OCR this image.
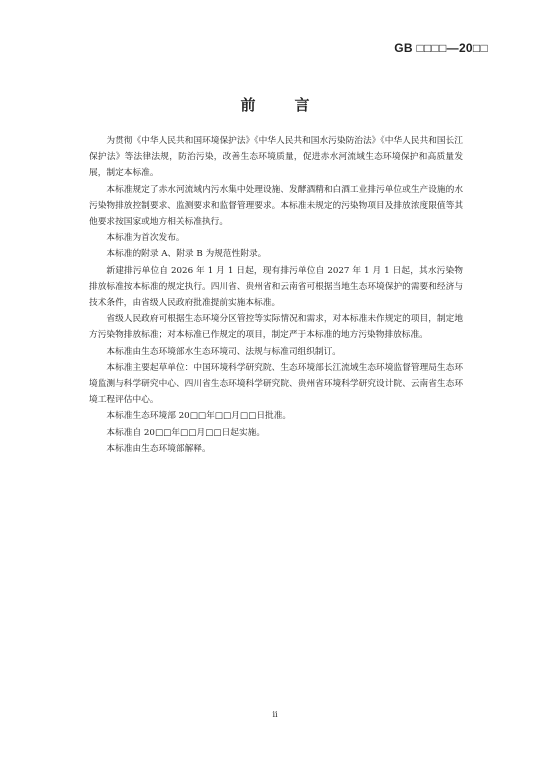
GB □□□□—20□□
前　言

为贯彻《中华人民共和国环境保护法》《中华人民共和国水污染防治法》《中华人民共和国长江保护法》等法律法规，防治污染，改善生态环境质量，促进赤水河流域生态环境保护和高质量发展，制定本标准。

本标准规定了赤水河流域内污水集中处理设施、发酵酒精和白酒工业排污单位或生产设施的水污染物排放控制要求、监测要求和监督管理要求。本标准未规定的污染物项目及排放浓度限值等其他要求按国家或地方相关标准执行。

本标准为首次发布。

本标准的附录 A、附录 B 为规范性附录。

新建排污单位自 2026 年 1 月 1 日起，现有排污单位自 2027 年 1 月 1 日起，其水污染物排放标准按本标准的规定执行。四川省、贵州省和云南省可根据当地生态环境保护的需要和经济与技术条件，由省级人民政府批准提前实施本标准。

省级人民政府可根据生态环境分区管控等实际情况和需求，对本标准未作规定的项目，制定地方污染物排放标准；对本标准已作规定的项目，制定严于本标准的地方污染物排放标准。

本标准由生态环境部水生态环境司、法规与标准司组织制订。

本标准主要起草单位：中国环境科学研究院、生态环境部长江流域生态环境监督管理局生态环境监测与科学研究中心、四川省生态环境科学研究院、贵州省环境科学研究设计院、云南省生态环境工程评估中心。

本标准生态环境部 20□□年□□月□□日批准。

本标准自 20□□年□□月□□日起实施。

本标准由生态环境部解释。

ii
